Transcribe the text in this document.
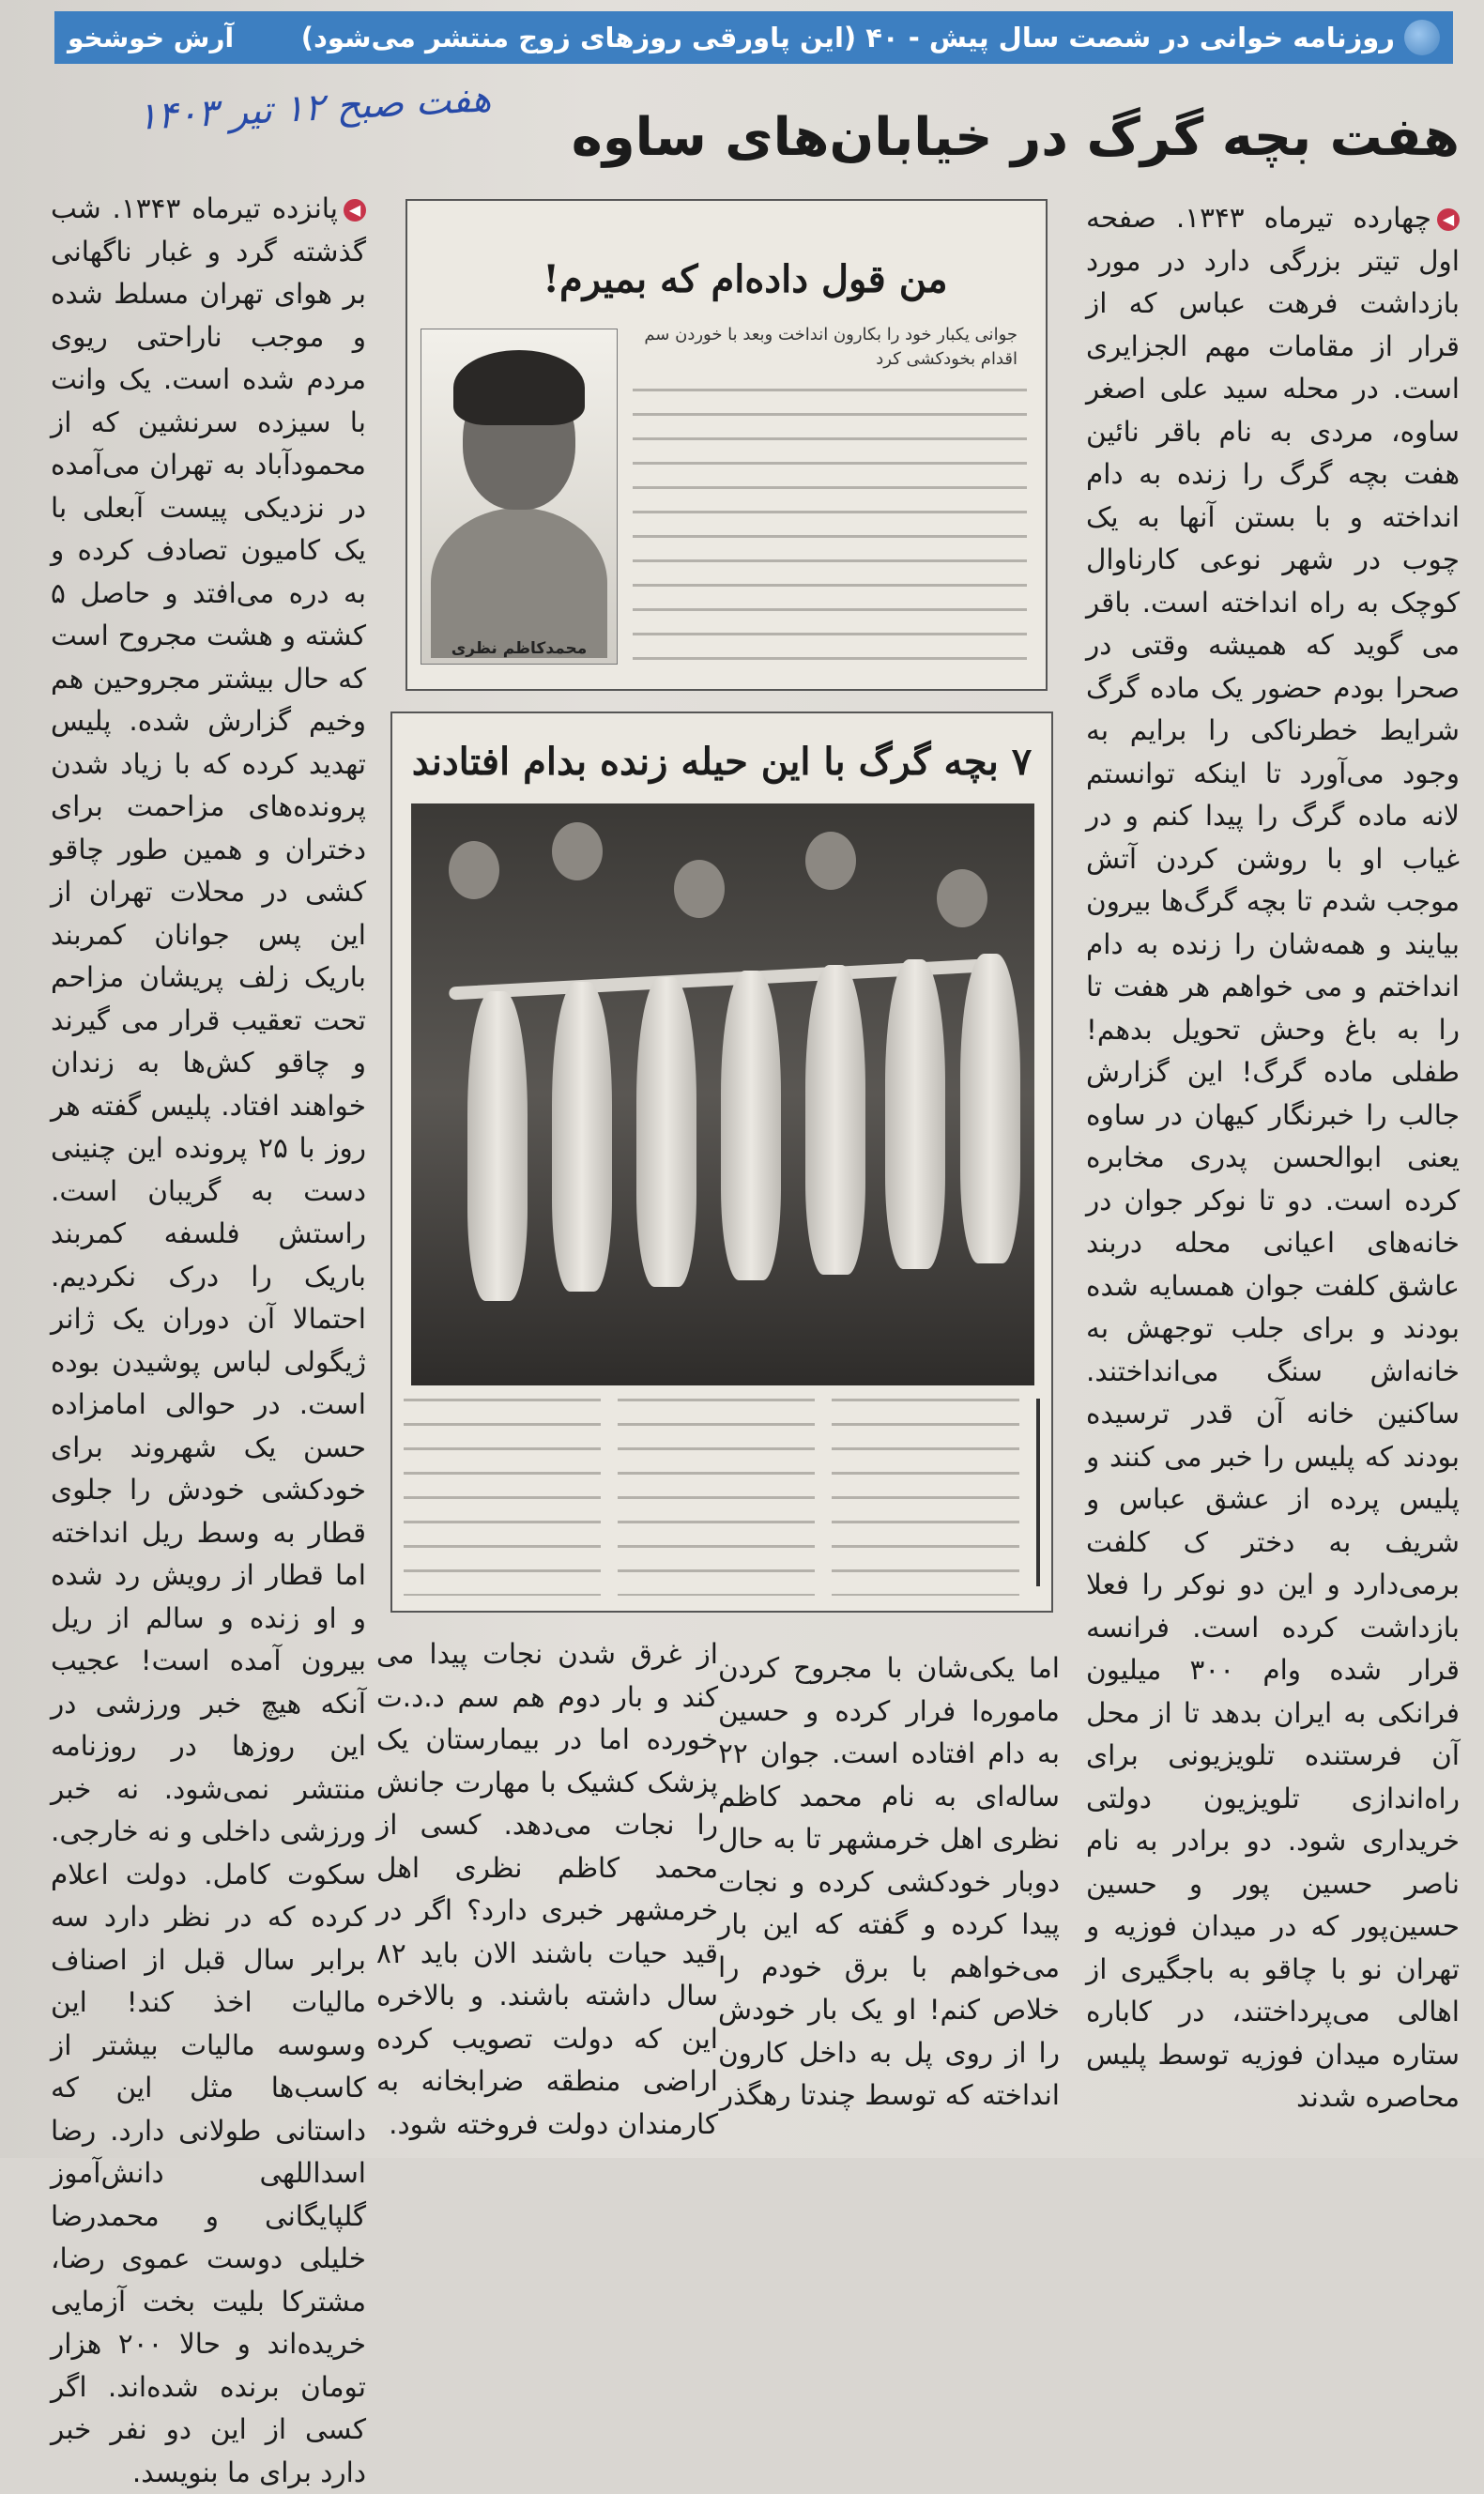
روزنامه خوانی در شصت سال پیش - ۴۰ (این پاورقی روزهای زوج منتشر می‌شود)
آرش خوشخو
هفت بچه گرگ در خیابان‌های ساوه
هفت صبح ۱۲ تیر ۱۴۰۳
◀چهارده تیرماه ۱۳۴۳. صفحه اول تیتر بزرگی دارد در مورد بازداشت فرهت عباس که از قرار از مقامات مهم الجزایری است. در محله سید علی اصغر ساوه، مردی به نام باقر نائین هفت بچه گرگ را زنده به دام انداخته و با بستن آنها به یک چوب در شهر نوعی کارناوال کوچک به راه انداخته است. باقر می گوید که همیشه وقتی در صحرا بودم حضور یک ماده گرگ شرایط خطرناکی را برایم به وجود می‌آورد تا اینکه توانستم لانه ماده گرگ را پیدا کنم و در غیاب او با روشن کردن آتش موجب شدم تا بچه گرگ‌ها بیرون بیایند و همه‌شان را زنده به دام انداختم و می خواهم هر هفت تا را به باغ وحش تحویل بدهم! طفلی ماده گرگ! این گزارش جالب را خبرنگار کیهان در ساوه یعنی ابوالحسن پدری مخابره کرده است. دو تا نوکر جوان در خانه‌های اعیانی محله دربند عاشق کلفت جوان همسایه شده بودند و برای جلب توجهش به خانه‌اش سنگ می‌انداختند. ساکنین خانه آن قدر ترسیده بودند که پلیس را خبر می کنند و پلیس پرده از عشق عباس و شریف به دختر ک کلفت برمی‌دارد و این دو نوکر را فعلا بازداشت کرده است. فرانسه قرار شده وام ۳۰۰ میلیون فرانکی به ایران بدهد تا از محل آن فرستنده تلویزیونی برای راه‌اندازی تلویزیون دولتی خریداری شود. دو برادر به نام ناصر حسین پور و حسین حسین‌پور که در میدان فوزیه و تهران نو با چاقو به باجگیری از اهالی می‌پرداختند، در کاباره ستاره میدان فوزیه توسط پلیس محاصره شدند
من قول داده‌ام که بمیرم!
جوانی یکبار خود را بکارون انداخت وبعد با خوردن سم اقدام بخودکشی کرد
محمدکاظم نظری
۷ بچه گرگ با این حیله زنده بدام افتادند
اما یکی‌شان با مجروح کردن ماموره‌ا فرار کرده و حسین به دام افتاده است. جوان ۲۲ ساله‌ای به نام محمد کاظم نظری اهل خرمشهر تا به حال دوبار خودکشی کرده و نجات پیدا کرده و گفته که این بار می‌خواهم با برق خودم را خلاص کنم! او یک بار خودش را از روی پل به داخل کارون انداخته که توسط چندتا رهگذر
از غرق شدن نجات پیدا می کند و بار دوم هم سم د.د.ت خورده اما در بیمارستان یک پزشک کشیک با مهارت جانش را نجات می‌دهد. کسی از محمد کاظم نظری اهل خرمشهر خبری دارد؟ اگر در قید حیات باشند الان باید ۸۲ سال داشته باشند. و بالاخره این که دولت تصویب کرده اراضی منطقه ضرابخانه به کارمندان دولت فروخته شود.
◀پانزده تیرماه ۱۳۴۳. شب گذشته گرد و غبار ناگهانی بر هوای تهران مسلط شده و موجب ناراحتی ریوی مردم شده است. یک وانت با سیزده سرنشین که از محمودآباد به تهران می‌آمده در نزدیکی پیست آبعلی با یک کامیون تصادف کرده و به دره می‌افتد و حاصل ۵ کشته و هشت مجروح است که حال بیشتر مجروحین هم وخیم گزارش شده. پلیس تهدید کرده که با زیاد شدن پرونده‌های مزاحمت برای دختران و همین طور چاقو کشی در محلات تهران از این پس جوانان کمربند باریک زلف پریشان مزاحم تحت تعقیب قرار می گیرند و چاقو کش‌ها به زندان خواهند افتاد. پلیس گفته هر روز با ۲۵ پرونده این چنینی دست به گریبان است. راستش فلسفه کمربند باریک را درک نکردیم. احتمالا آن دوران یک ژانر ژیگولی لباس پوشیدن بوده است. در حوالی امامزاده حسن یک شهروند برای خودکشی خودش را جلوی قطار به وسط ریل انداخته اما قطار از رویش رد شده و او زنده و سالم از ریل بیرون آمده است! عجیب آنکه هیچ خبر ورزشی در این روزها در روزنامه منتشر نمی‌شود. نه خبر ورزشی داخلی و نه خارجی. سکوت کامل. دولت اعلام کرده که در نظر دارد سه برابر سال قبل از اصناف مالیات اخذ کند! این وسوسه مالیات بیشتر از کاسب‌ها مثل این که داستانی طولانی دارد. رضا اسداللهی دانش‌آموز گلپایگانی و محمدرضا خلیلی دوست عموی رضا، مشترکا بلیت بخت آزمایی خریده‌اند و حالا ۲۰۰ هزار تومان برنده شده‌اند. اگر کسی از این دو نفر خبر دارد برای ما بنویسد.
